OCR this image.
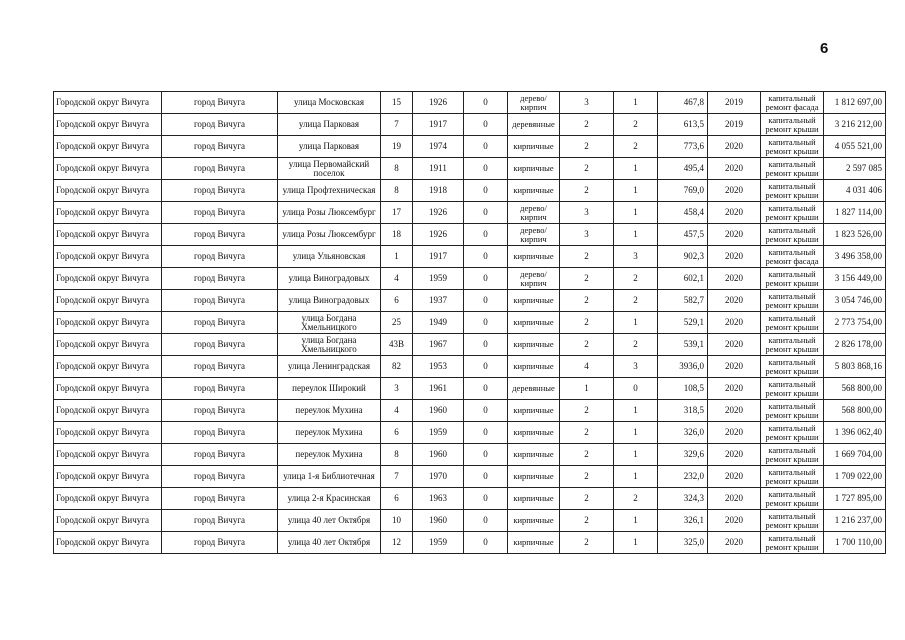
6
Городской округ Вичуга	город Вичуга	улица Московская	15	1926	0	дерево/кирпич	3	1	467,8	2019	капитальный ремонт фасада	1 812 697,00
Городской округ Вичуга	город Вичуга	улица Парковая	7	1917	0	деревянные	2	2	613,5	2019	капитальный ремонт крыши	3 216 212,00
Городской округ Вичуга	город Вичуга	улица Парковая	19	1974	0	кирпичные	2	2	773,6	2020	капитальный ремонт крыши	4 055 521,00
Городской округ Вичуга	город Вичуга	улица Первомайский поселок	8	1911	0	кирпичные	2	1	495,4	2020	капитальный ремонт крыши	2 597 085
Городской округ Вичуга	город Вичуга	улица Профтехническая	8	1918	0	кирпичные	2	1	769,0	2020	капитальный ремонт крыши	4 031 406
Городской округ Вичуга	город Вичуга	улица Розы Люксембург	17	1926	0	дерево/кирпич	3	1	458,4	2020	капитальный ремонт крыши	1 827 114,00
Городской округ Вичуга	город Вичуга	улица Розы Люксембург	18	1926	0	дерево/кирпич	3	1	457,5	2020	капитальный ремонт крыши	1 823 526,00
Городской округ Вичуга	город Вичуга	улица Ульяновская	1	1917	0	кирпичные	2	3	902,3	2020	капитальный ремонт фасада	3 496 358,00
Городской округ Вичуга	город Вичуга	улица Виноградовых	4	1959	0	дерево/кирпич	2	2	602,1	2020	капитальный ремонт крыши	3 156 449,00
Городской округ Вичуга	город Вичуга	улица Виноградовых	6	1937	0	кирпичные	2	2	582,7	2020	капитальный ремонт крыши	3 054 746,00
Городской округ Вичуга	город Вичуга	улица Богдана Хмельницкого	25	1949	0	кирпичные	2	1	529,1	2020	капитальный ремонт крыши	2 773 754,00
Городской округ Вичуга	город Вичуга	улица Богдана Хмельницкого	43В	1967	0	кирпичные	2	2	539,1	2020	капитальный ремонт крыши	2 826 178,00
Городской округ Вичуга	город Вичуга	улица Ленинградская	82	1953	0	кирпичные	4	3	3936,0	2020	капитальный ремонт крыши	5 803 868,16
Городской округ Вичуга	город Вичуга	переулок Широкий	3	1961	0	деревянные	1	0	108,5	2020	капитальный ремонт крыши	568 800,00
Городской округ Вичуга	город Вичуга	переулок Мухина	4	1960	0	кирпичные	2	1	318,5	2020	капитальный ремонт крыши	568 800,00
Городской округ Вичуга	город Вичуга	переулок Мухина	6	1959	0	кирпичные	2	1	326,0	2020	капитальный ремонт крыши	1 396 062,40
Городской округ Вичуга	город Вичуга	переулок Мухина	8	1960	0	кирпичные	2	1	329,6	2020	капитальный ремонт крыши	1 669 704,00
Городской округ Вичуга	город Вичуга	улица 1-я Библиотечная	7	1970	0	кирпичные	2	1	232,0	2020	капитальный ремонт крыши	1 709 022,00
Городской округ Вичуга	город Вичуга	улица 2-я Красинская	6	1963	0	кирпичные	2	2	324,3	2020	капитальный ремонт крыши	1 727 895,00
Городской округ Вичуга	город Вичуга	улица 40 лет Октября	10	1960	0	кирпичные	2	1	326,1	2020	капитальный ремонт крыши	1 216 237,00
Городской округ Вичуга	город Вичуга	улица 40 лет Октября	12	1959	0	кирпичные	2	1	325,0	2020	капитальный ремонт крыши	1 700 110,00
